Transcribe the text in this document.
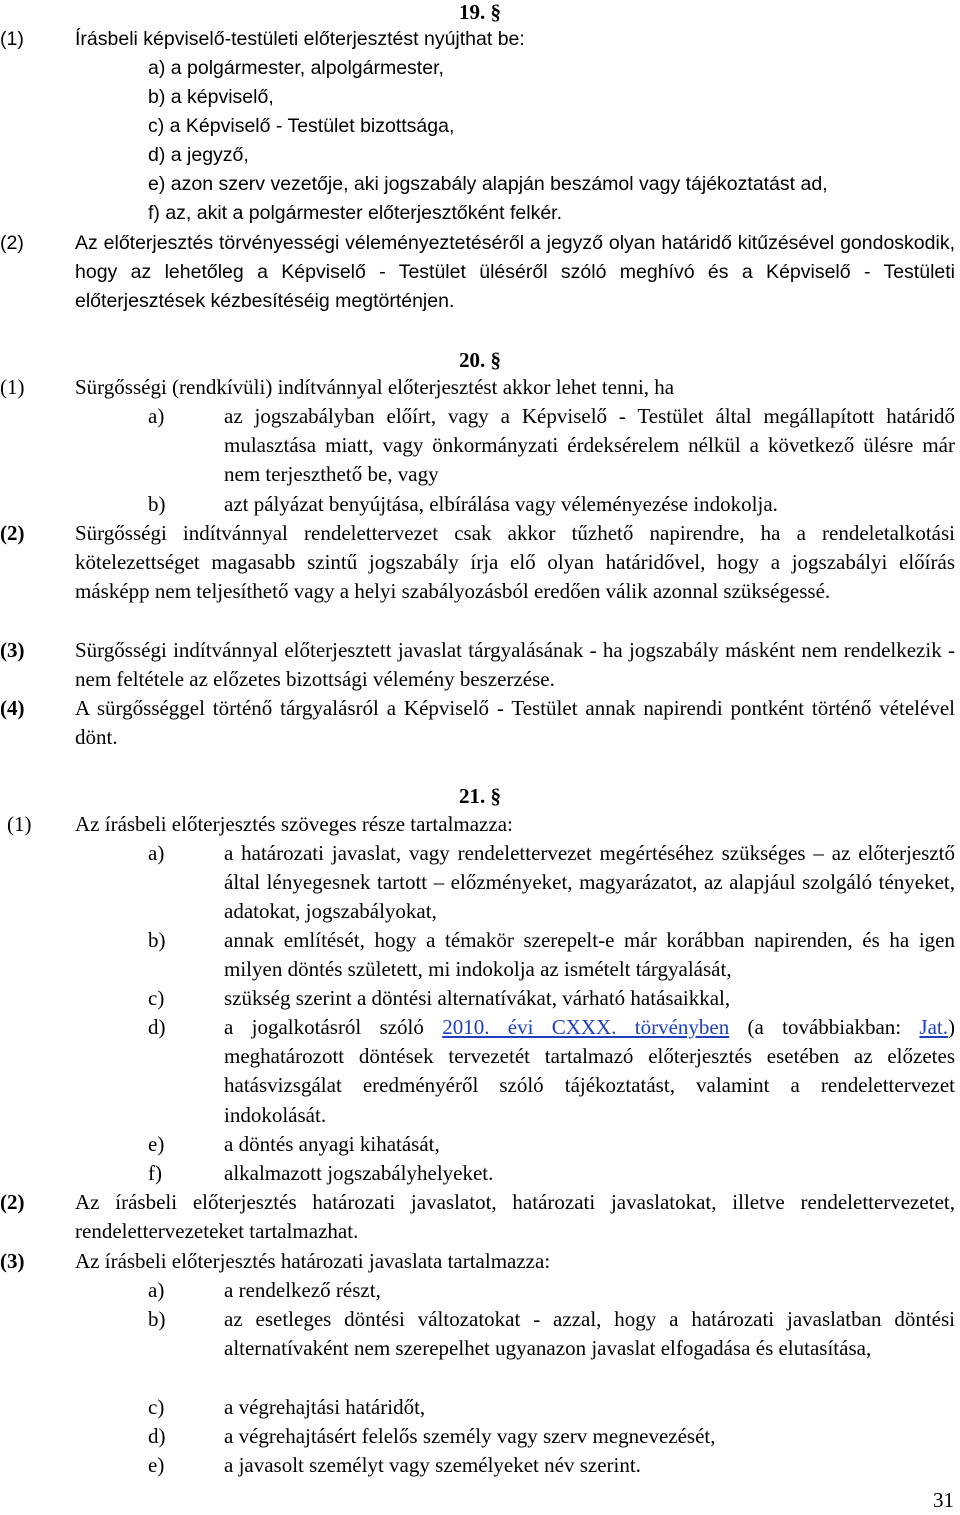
19. §
(1)	Írásbeli képviselő-testületi előterjesztést nyújthat be:
a) a polgármester, alpolgármester,
b) a képviselő,
c) a Képviselő - Testület bizottsága,
d) a jegyző,
e) azon szerv vezetője, aki jogszabály alapján beszámol vagy tájékoztatást ad,
f) az, akit a polgármester előterjesztőként felkér.
(2)	Az előterjesztés törvényességi véleményeztetéséről a jegyző olyan határidő kitűzésével gondoskodik, hogy az lehetőleg a Képviselő - Testület üléséről szóló meghívó és a Képviselő - Testületi előterjesztések kézbesítéséig megtörténjen.
20. §
(1) Sürgősségi (rendkívüli) indítvánnyal előterjesztést akkor lehet tenni, ha
a)	az jogszabályban előírt, vagy a Képviselő - Testület által megállapított határidő mulasztása miatt, vagy önkormányzati érdeksérelem nélkül a következő ülésre már nem terjeszthető be, vagy
b)	azt pályázat benyújtása, elbírálása vagy véleményezése indokolja.
(2) Sürgősségi indítvánnyal rendelettervezet csak akkor tűzhető napirendre, ha a rendeletalkotási kötelezettséget magasabb szintű jogszabály írja elő olyan határidővel, hogy a jogszabályi előírás másképp nem teljesíthető vagy a helyi szabályozásból eredően válik azonnal szükségessé.
(3) Sürgősségi indítvánnyal előterjesztett javaslat tárgyalásának - ha jogszabály másként nem rendelkezik - nem feltétele az előzetes bizottsági vélemény beszerzése.
(4) A sürgősséggel történő tárgyalásról a Képviselő - Testület annak napirendi pontként történő vételével dönt.
21. §
(1) Az írásbeli előterjesztés szöveges része tartalmazza:
a)	a határozati javaslat, vagy rendelettervezet megértéséhez szükséges – az előterjesztő által lényegesnek tartott – előzményeket, magyarázatot, az alapjául szolgáló tényeket, adatokat, jogszabályokat,
b)	annak említését, hogy a témakör szerepelt-e már korábban napirenden, és ha igen milyen döntés született, mi indokolja az ismételt tárgyalását,
c)	szükség szerint a döntési alternatívákat, várható hatásaikkal,
d)	a jogalkotásról szóló 2010. évi CXXX. törvényben (a továbbiakban: Jat.) meghatározott döntések tervezetét tartalmazó előterjesztés esetében az előzetes hatásvizsgálat eredményéről szóló tájékoztatást, valamint a rendelettervezet indokolását.
e)	a döntés anyagi kihatását,
f)	alkalmazott jogszabályhelyeket.
(2) Az írásbeli előterjesztés határozati javaslatot, határozati javaslatokat, illetve rendelettervezetet, rendelettervezeteket tartalmazhat.
(3) Az írásbeli előterjesztés határozati javaslata tartalmazza:
a)	a rendelkező részt,
b)	az esetleges döntési változatokat - azzal, hogy a határozati javaslatban döntési alternatívaként nem szerepelhet ugyanazon javaslat elfogadása és elutasítása,
c)	a végrehajtási határidőt,
d)	a végrehajtásért felelős személy vagy szerv megnevezését,
e)	a javasolt személyt vagy személyeket név szerint.
31
